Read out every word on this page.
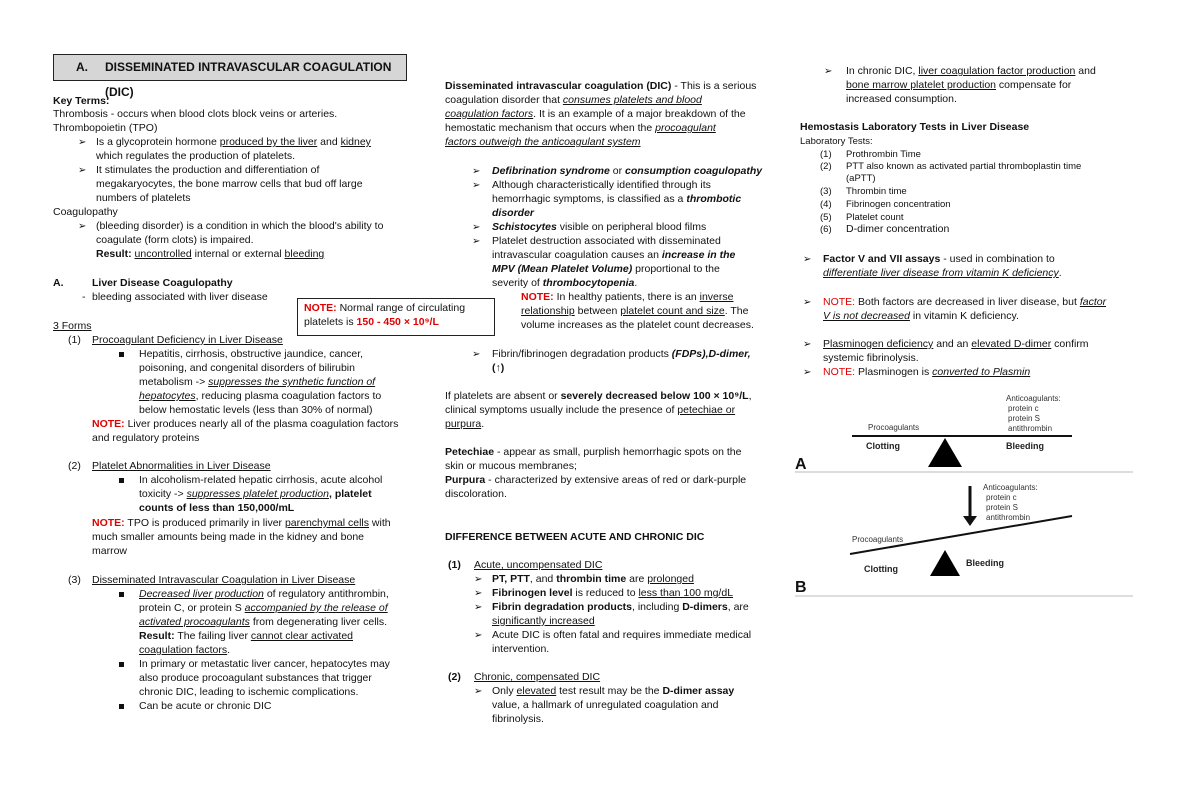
A. DISSEMINATED INTRAVASCULAR COAGULATION (DIC)
Key Terms:
Thrombosis - occurs when blood clots block veins or arteries.
Thrombopoietin (TPO)
➢ Is a glycoprotein hormone produced by the liver and kidney
which regulates the production of platelets.
➢ It stimulates the production and differentiation of
megakaryocytes, the bone marrow cells that bud off large
numbers of platelets
Coagulopathy
➢ (bleeding disorder) is a condition in which the blood's ability to
coagulate (form clots) is impaired.
Result: uncontrolled internal or external bleeding
A.	Liver Disease Coagulopathy
- bleeding associated with liver disease
3 Forms
(1) Procoagulant Deficiency in Liver Disease
Hepatitis, cirrhosis, obstructive jaundice, cancer,
poisoning, and congenital disorders of bilirubin
metabolism -> suppresses the synthetic function of
hepatocytes, reducing plasma coagulation factors to
below hemostatic levels (less than 30% of normal)
NOTE: Liver produces nearly all of the plasma coagulation factors
and regulatory proteins
(2) Platelet Abnormalities in Liver Disease
In alcoholism-related hepatic cirrhosis, acute alcohol
toxicity -> suppresses platelet production, platelet
counts of less than 150,000/mL
NOTE: TPO is produced primarily in liver parenchymal cells with
much smaller amounts being made in the kidney and bone
marrow
(3) Disseminated Intravascular Coagulation in Liver Disease
Decreased liver production of regulatory antithrombin,
protein C, or protein S accompanied by the release of
activated procoagulants from degenerating liver cells.
Result: The failing liver cannot clear activated
coagulation factors.
In primary or metastatic liver cancer, hepatocytes may
also produce procoagulant substances that trigger
chronic DIC, leading to ischemic complications.
Can be acute or chronic DIC
NOTE: Normal range of circulating
platelets is 150 - 450 × 10⁹/L
Disseminated intravascular coagulation (DIC) - This is a serious
coagulation disorder that consumes platelets and blood
coagulation factors. It is an example of a major breakdown of the
hemostatic mechanism that occurs when the procoagulant
factors outweigh the anticoagulant system
➢ Defibrination syndrome or consumption coagulopathy
➢ Although characteristically identified through its
hemorrhagic symptoms, is classified as a thrombotic
disorder
➢ Schistocytes visible on peripheral blood films
➢ Platelet destruction associated with disseminated
intravascular coagulation causes an increase in the
MPV (Mean Platelet Volume) proportional to the
severity of thrombocytopenia.
NOTE: In healthy patients, there is an inverse
relationship between platelet count and size. The
volume increases as the platelet count decreases.
➢ Fibrin/fibrinogen degradation products (FDPs),D-dimer,
(↑)
If platelets are absent or severely decreased below 100 × 10⁹/L,
clinical symptoms usually include the presence of petechiae or
purpura.
Petechiae - appear as small, purplish hemorrhagic spots on the
skin or mucous membranes;
Purpura - characterized by extensive areas of red or dark-purple
discoloration.
DIFFERENCE BETWEEN ACUTE AND CHRONIC DIC
(1) Acute, uncompensated DIC
➢ PT, PTT, and thrombin time are prolonged
➢ Fibrinogen level is reduced to less than 100 mg/dL
➢ Fibrin degradation products, including D-dimers, are
significantly increased
➢ Acute DIC is often fatal and requires immediate medical
intervention.
(2) Chronic, compensated DIC
➢ Only elevated test result may be the D-dimer assay
value, a hallmark of unregulated coagulation and
fibrinolysis.
➢ In chronic DIC, liver coagulation factor production and
bone marrow platelet production compensate for
increased consumption.
Hemostasis Laboratory Tests in Liver Disease
Laboratory Tests:
(1) Prothrombin Time
(2) PTT also known as activated partial thromboplastin time
(aPTT)
(3) Thrombin time
(4) Fibrinogen concentration
(5) Platelet count
(6) D-dimer concentration
➢ Factor V and VII assays - used in combination to
differentiate liver disease from vitamin K deficiency.
➢ NOTE: Both factors are decreased in liver disease, but factor
V is not decreased in vitamin K deficiency.
➢ Plasminogen deficiency and an elevated D-dimer confirm
systemic fibrinolysis.
➢ NOTE: Plasminogen is converted to Plasmin
Anticoagulants:
protein c
protein S
antithrombin
Procoagulants
Clotting	Bleeding
A
Anticoagulants:
protein c
protein S
antithrombin
Procoagulants
Clotting
Bleeding
B
